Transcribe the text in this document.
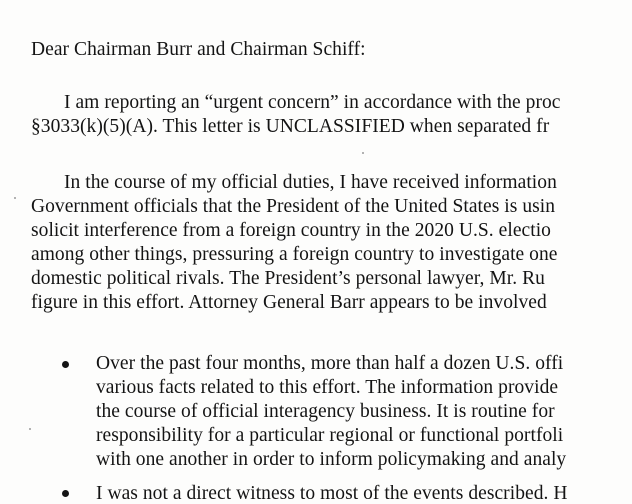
Dear Chairman Burr and Chairman Schiff:
I am reporting an “urgent concern” in accordance with the proc
§3033(k)(5)(A). This letter is UNCLASSIFIED when separated fr
In the course of my official duties, I have received information
Government officials that the President of the United States is usin
solicit interference from a foreign country in the 2020 U.S. electio
among other things, pressuring a foreign country to investigate one
domestic political rivals. The President’s personal lawyer, Mr. Ru
figure in this effort. Attorney General Barr appears to be involved
Over the past four months, more than half a dozen U.S. offi
various facts related to this effort. The information provide
the course of official interagency business. It is routine for
responsibility for a particular regional or functional portfoli
with one another in order to inform policymaking and analy
I was not a direct witness to most of the events described. H
